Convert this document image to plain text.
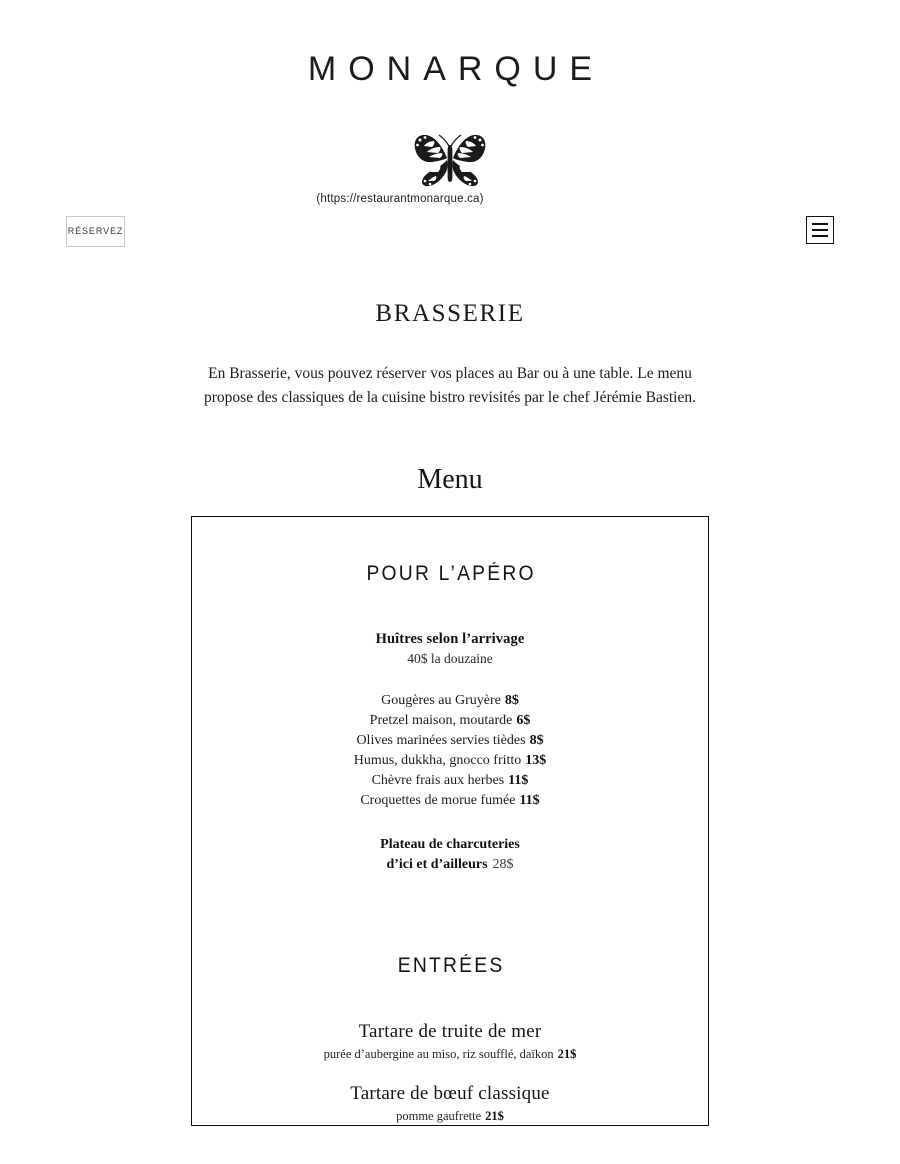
MONARQUE
(https://restaurantmonarque.ca)
RÉSERVEZ
BRASSERIE
En Brasserie, vous pouvez réserver vos places au Bar ou à une table. Le menu propose des classiques de la cuisine bistro revisités par le chef Jérémie Bastien.
Menu
POUR L’APÉRO
Huîtres selon l’arrivage
40$ la douzaine
Gougères au Gruyère 8$
Pretzel maison, moutarde 6$
Olives marinées servies tièdes 8$
Humus, dukkha, gnocco fritto 13$
Chèvre frais aux herbes 11$
Croquettes de morue fumée 11$
Plateau de charcuteries
d’ici et d’ailleurs 28$
ENTRÉES
Tartare de truite de mer
purée d’aubergine au miso, riz soufflé, daïkon 21$
Tartare de bœuf classique
pomme gaufrette 21$
